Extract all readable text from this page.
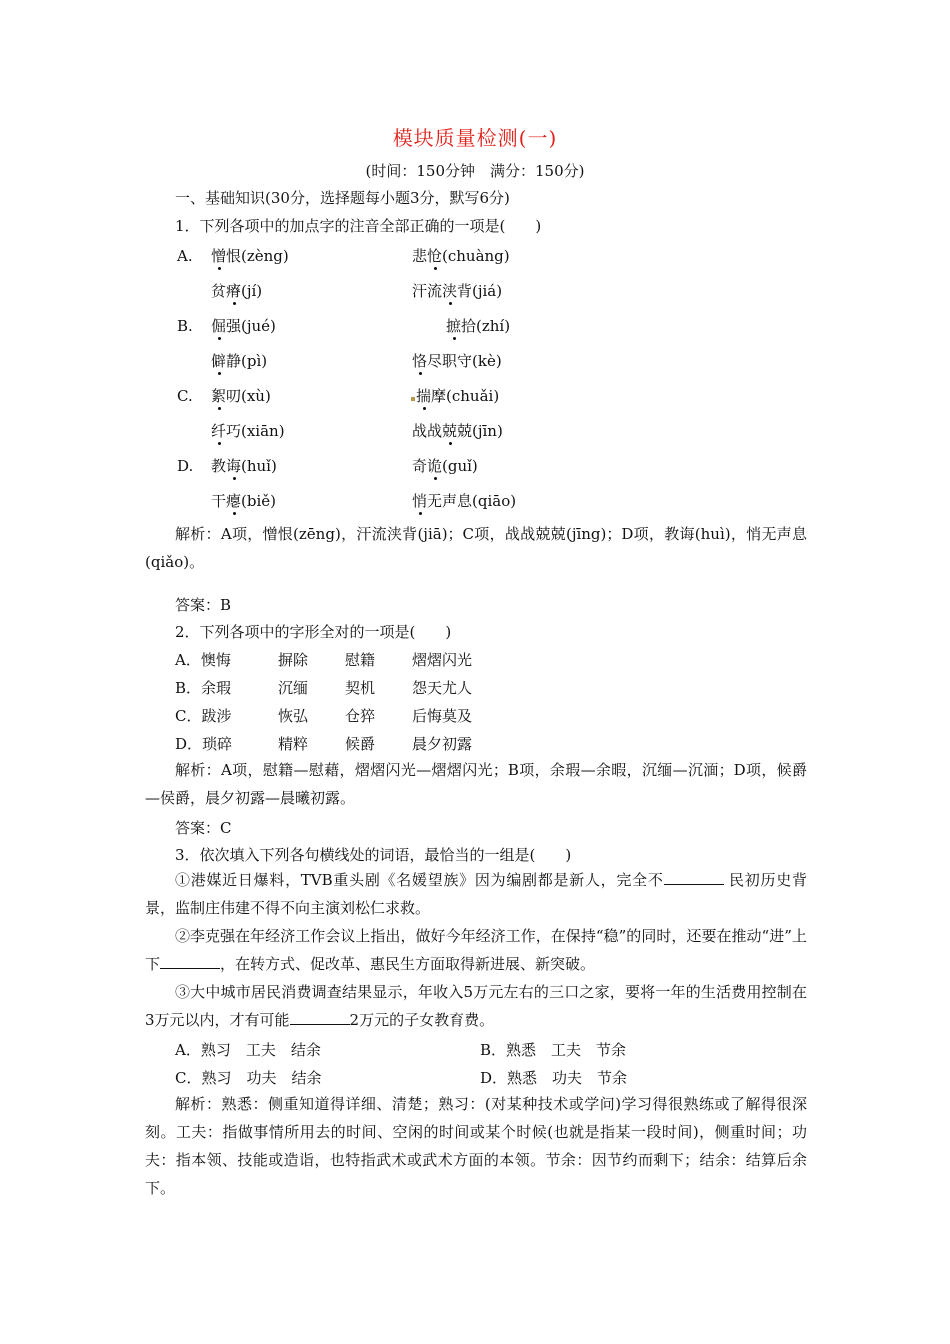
模块质量检测(一)
(时间：150分钟　满分：150分)
一、基础知识(30分，选择题每小题3分，默写6分)
1．下列各项中的加点字的注音全部正确的一项是(　　)
A. 憎恨(zèng)	悲怆(chuàng)
贫瘠(jí)	汗流浃背(jiá)
B. 倔强(jué)	摭拾(zhí)
僻静(pì)	恪尽职守(kè)
C. 絮叨(xù)	揣摩(chuǎi)
纤巧(xiān)	战战兢兢(jīn)
D. 教诲(huǐ)	奇诡(guǐ)
干瘪(biě)	悄无声息(qiāo)
解析：A项，憎恨(zēng)，汗流浃背(jiā)；C项，战战兢兢(jīng)；D项，教诲(huì)，悄无声息(qiǎo)。
答案：B
2．下列各项中的字形全对的一项是(　　)
A．懊悔	摒除 慰籍 熠熠闪光
B．余瑕	沉缅 契机 怨天尤人
C．跋涉	恢弘 仓猝 后悔莫及
D．琐碎	精粹 候爵 晨夕初露
解析：A项，慰籍—慰藉，熠熠闪光—熠熠闪光；B项，余瑕—余暇，沉缅—沉湎；D项，候爵—侯爵，晨夕初露—晨曦初露。
答案：C
3．依次填入下列各句横线处的词语，最恰当的一组是(　　)
①港媒近日爆料，TVB重头剧《名媛望族》因为编剧都是新人，完全不	民初历史背景，监制庄伟建不得不向主演刘松仁求救。
②李克强在年经济工作会议上指出，做好今年经济工作，在保持“稳”的同时，还要在推动“进”上下	，在转方式、促改革、惠民生方面取得新进展、新突破。
③大中城市居民消费调查结果显示，年收入5万元左右的三口之家，要将一年的生活费用控制在3万元以内，才有可能	2万元的子女教育费。
A．熟习　工夫　结余	B．熟悉　工夫　节余
C．熟习　功夫　结余	D．熟悉　功夫　节余
解析：熟悉：侧重知道得详细、清楚；熟习：(对某种技术或学问)学习得很熟练或了解得很深刻。工夫：指做事情所用去的时间、空闲的时间或某个时候(也就是指某一段时间)，侧重时间；功夫：指本领、技能或造诣，也特指武术或武术方面的本领。节余：因节约而剩下；结余：结算后余下。
